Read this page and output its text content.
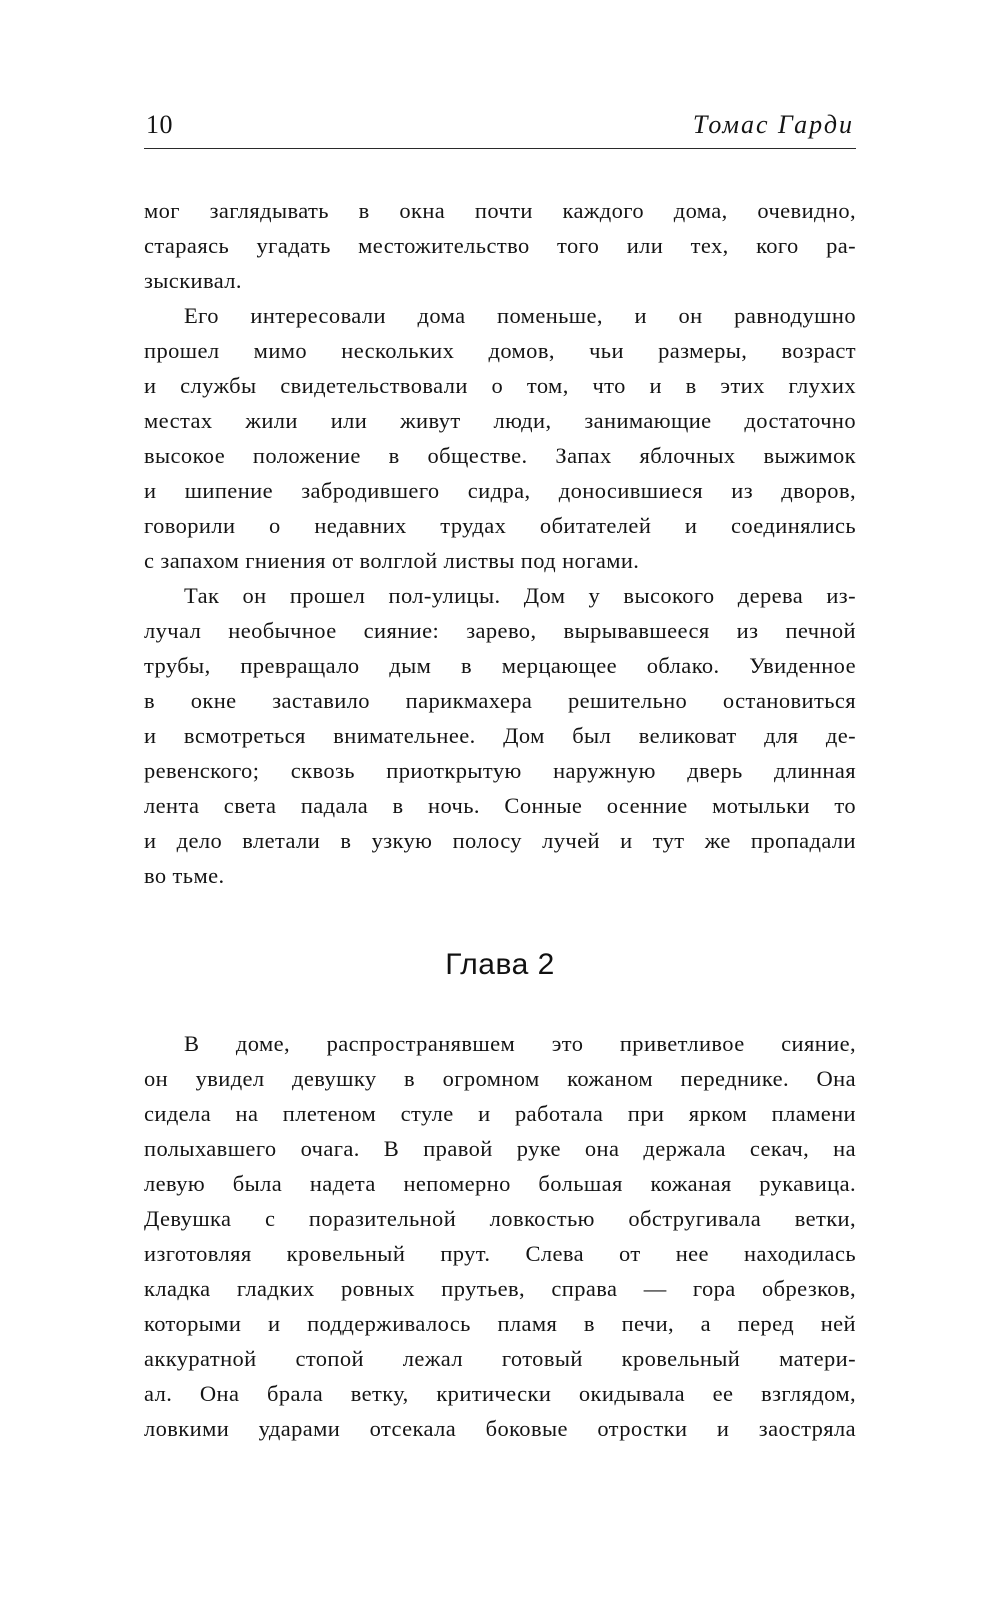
10	Томас Гарди
мог заглядывать в окна почти каждого дома, очевидно,
стараясь угадать местожительство того или тех, кого ра-
зыскивал.
Его интересовали дома поменьше, и он равнодушно
прошел мимо нескольких домов, чьи размеры, возраст
и службы свидетельствовали о том, что и в этих глухих
местах жили или живут люди, занимающие достаточно
высокое положение в обществе. Запах яблочных выжимок
и шипение забродившего сидра, доносившиеся из дворов,
говорили о недавних трудах обитателей и соединялись
с запахом гниения от волглой листвы под ногами.
Так он прошел пол-улицы. Дом у высокого дерева из-
лучал необычное сияние: зарево, вырывавшееся из печной
трубы, превращало дым в мерцающее облако. Увиденное
в окне заставило парикмахера решительно остановиться
и всмотреться внимательнее. Дом был великоват для де-
ревенского; сквозь приоткрытую наружную дверь длинная
лента света падала в ночь. Сонные осенние мотыльки то
и дело влетали в узкую полосу лучей и тут же пропадали
во тьме.
Глава 2
В доме, распространявшем это приветливое сияние,
он увидел девушку в огромном кожаном переднике. Она
сидела на плетеном стуле и работала при ярком пламени
полыхавшего очага. В правой руке она держала секач, на
левую была надета непомерно большая кожаная рукавица.
Девушка с поразительной ловкостью обстругивала ветки,
изготовляя кровельный прут. Слева от нее находилась
кладка гладких ровных прутьев, справа — гора обрезков,
которыми и поддерживалось пламя в печи, а перед ней
аккуратной стопой лежал готовый кровельный матери-
ал. Она брала ветку, критически окидывала ее взглядом,
ловкими ударами отсекала боковые отростки и заостряла
